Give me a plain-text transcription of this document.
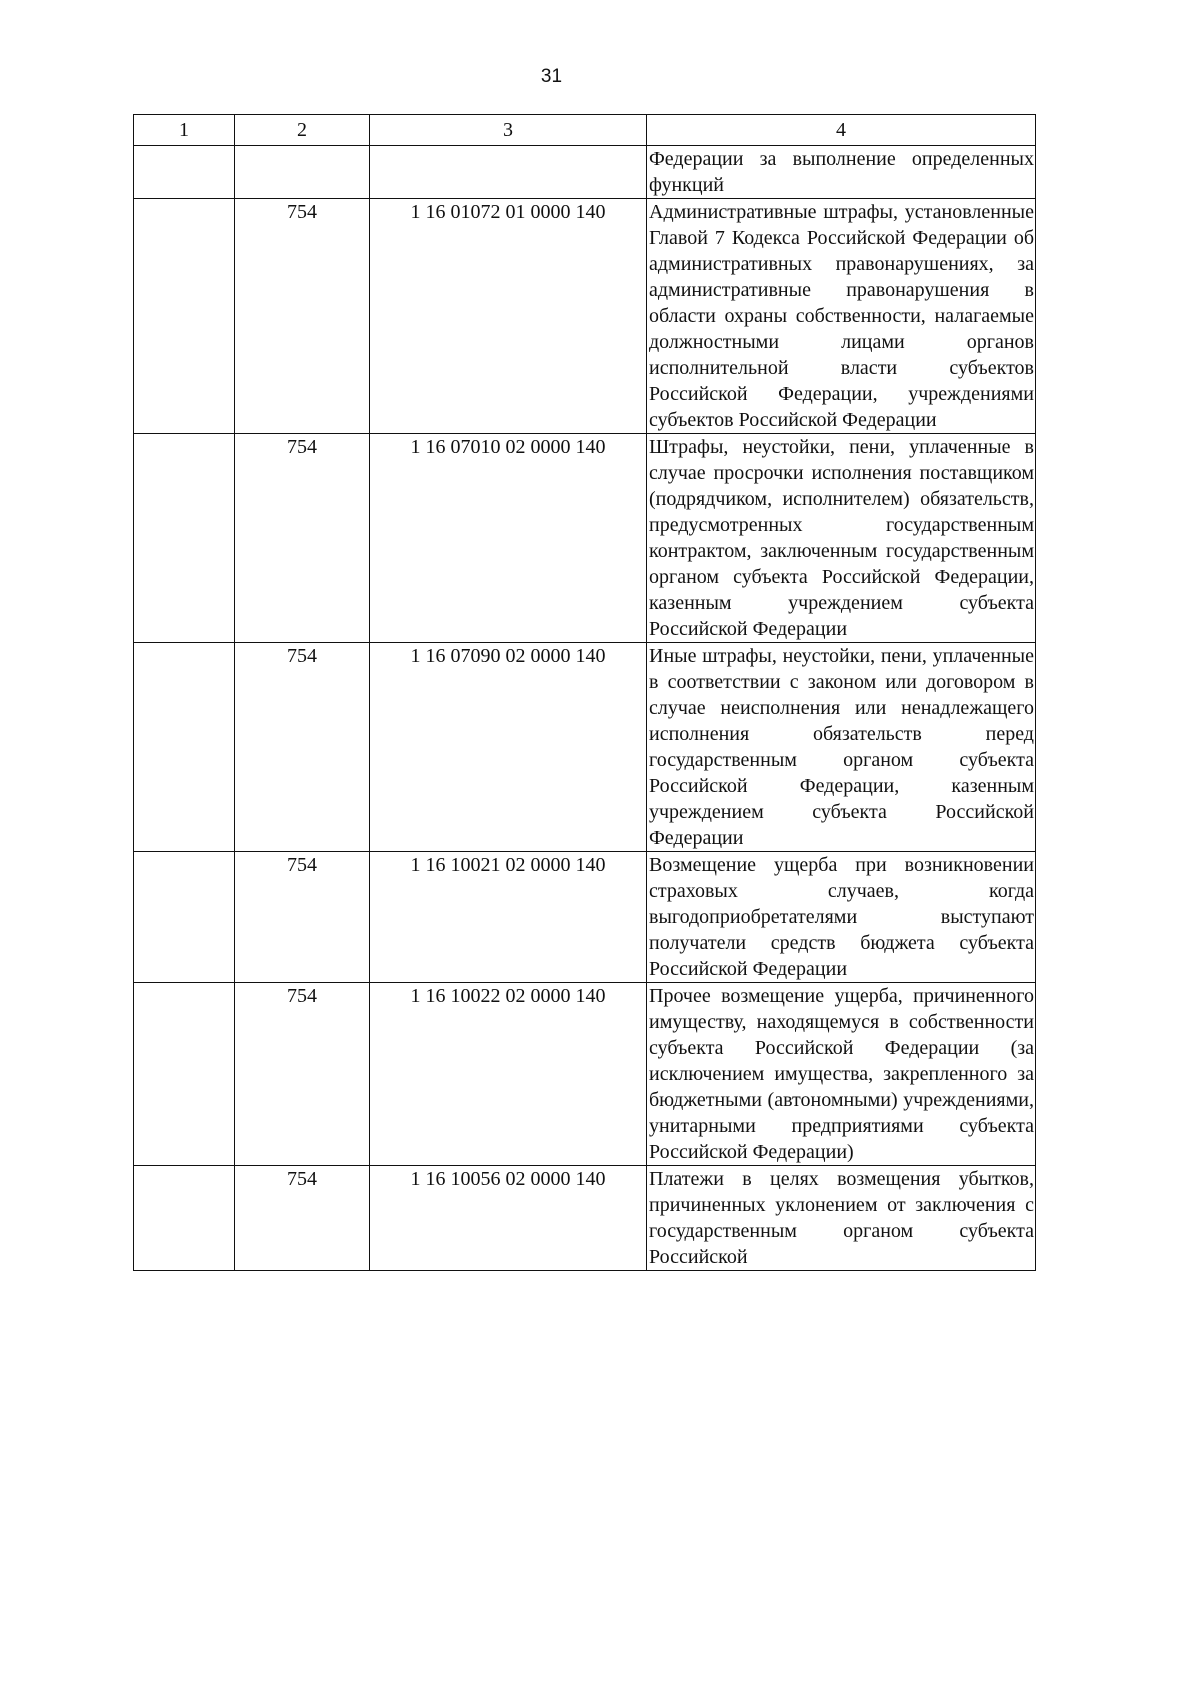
31
1	2	3	4
			Федерации за выполнение определенных функций
	754	1 16 01072 01 0000 140	Административные штрафы, установленные Главой 7 Кодекса Российской Федерации об административных правонарушениях, за административные правонарушения в области охраны собственности, налагаемые должностными лицами органов исполнительной власти субъектов Российской Федерации, учреждениями субъектов Российской Федерации
	754	1 16 07010 02 0000 140	Штрафы, неустойки, пени, уплаченные в случае просрочки исполнения поставщиком (подрядчиком, исполнителем) обязательств, предусмотренных государственным контрактом, заключенным государственным органом субъекта Российской Федерации, казенным учреждением субъекта Российской Федерации
	754	1 16 07090 02 0000 140	Иные штрафы, неустойки, пени, уплаченные в соответствии с законом или договором в случае неисполнения или ненадлежащего исполнения обязательств перед государственным органом субъекта Российской Федерации, казенным учреждением субъекта Российской Федерации
	754	1 16 10021 02 0000 140	Возмещение ущерба при возникновении страховых случаев, когда выгодоприобретателями выступают получатели средств бюджета субъекта Российской Федерации
	754	1 16 10022 02 0000 140	Прочее возмещение ущерба, причиненного имуществу, находящемуся в собственности субъекта Российской Федерации (за исключением имущества, закрепленного за бюджетными (автономными) учреждениями, унитарными предприятиями субъекта Российской Федерации)
	754	1 16 10056 02 0000 140	Платежи в целях возмещения убытков, причиненных уклонением от заключения с государственным органом субъекта Российской
